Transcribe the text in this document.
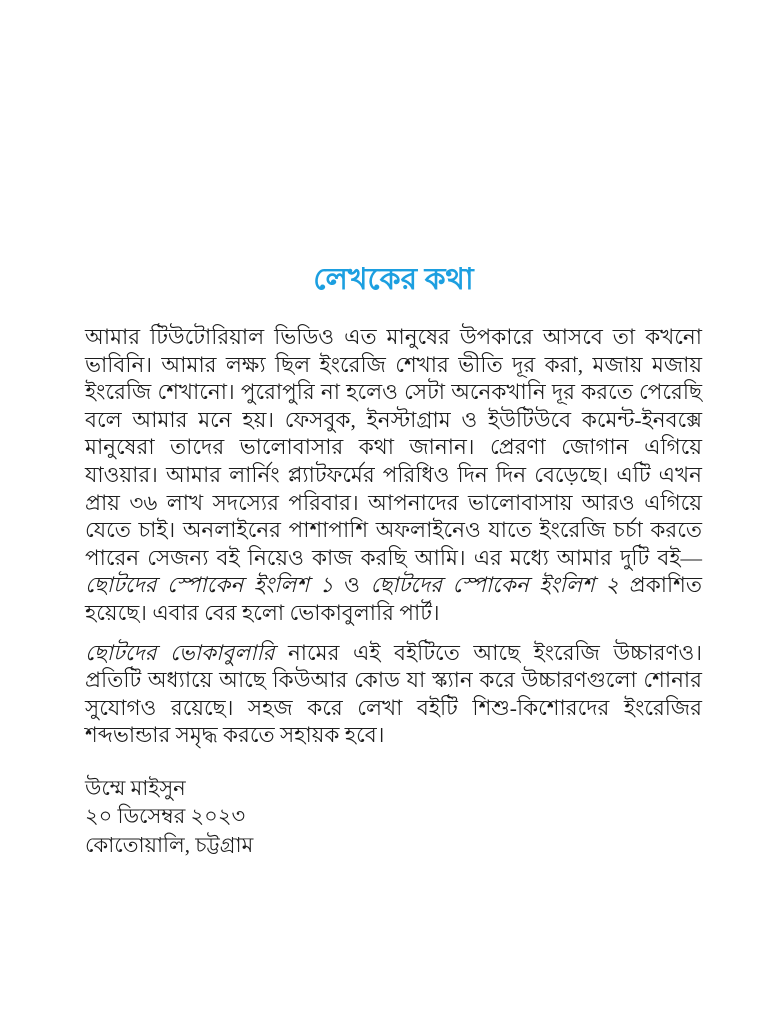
লেখকের কথা

আমার টিউটোরিয়াল ভিডিও এত মানুষের উপকারে আসবে তা কখনো ভাবিনি। আমার লক্ষ্য ছিল ইংরেজি শেখার ভীতি দূর করা, মজায় মজায় ইংরেজি শেখানো। পুরোপুরি না হলেও সেটা অনেকখানি দূর করতে পেরেছি বলে আমার মনে হয়। ফেসবুক, ইনস্টাগ্রাম ও ইউটিউবে কমেন্ট-ইনবক্সে মানুষেরা তাদের ভালোবাসার কথা জানান। প্রেরণা জোগান এগিয়ে যাওয়ার। আমার লার্নিং প্ল্যাটফর্মের পরিধিও দিন দিন বেড়েছে। এটি এখন প্রায় ৩৬ লাখ সদস্যের পরিবার। আপনাদের ভালোবাসায় আরও এগিয়ে যেতে চাই। অনলাইনের পাশাপাশি অফলাইনেও যাতে ইংরেজি চর্চা করতে পারেন সেজন্য বই নিয়েও কাজ করছি আমি। এর মধ্যে আমার দুটি বই— ছোটদের স্পোকেন ইংলিশ ১ ও ছোটদের স্পোকেন ইংলিশ ২ প্রকাশিত হয়েছে। এবার বের হলো ভোকাবুলারি পার্ট।

ছোটদের ভোকাবুলারি নামের এই বইটিতে আছে ইংরেজি উচ্চারণও। প্রতিটি অধ্যায়ে আছে কিউআর কোড যা স্ক্যান করে উচ্চারণগুলো শোনার সুযোগও রয়েছে। সহজ করে লেখা বইটি শিশু-কিশোরদের ইংরেজির শব্দভান্ডার সমৃদ্ধ করতে সহায়ক হবে।

উম্মে মাইসুন
২০ ডিসেম্বর ২০২৩
কোতোয়ালি, চট্টগ্রাম
